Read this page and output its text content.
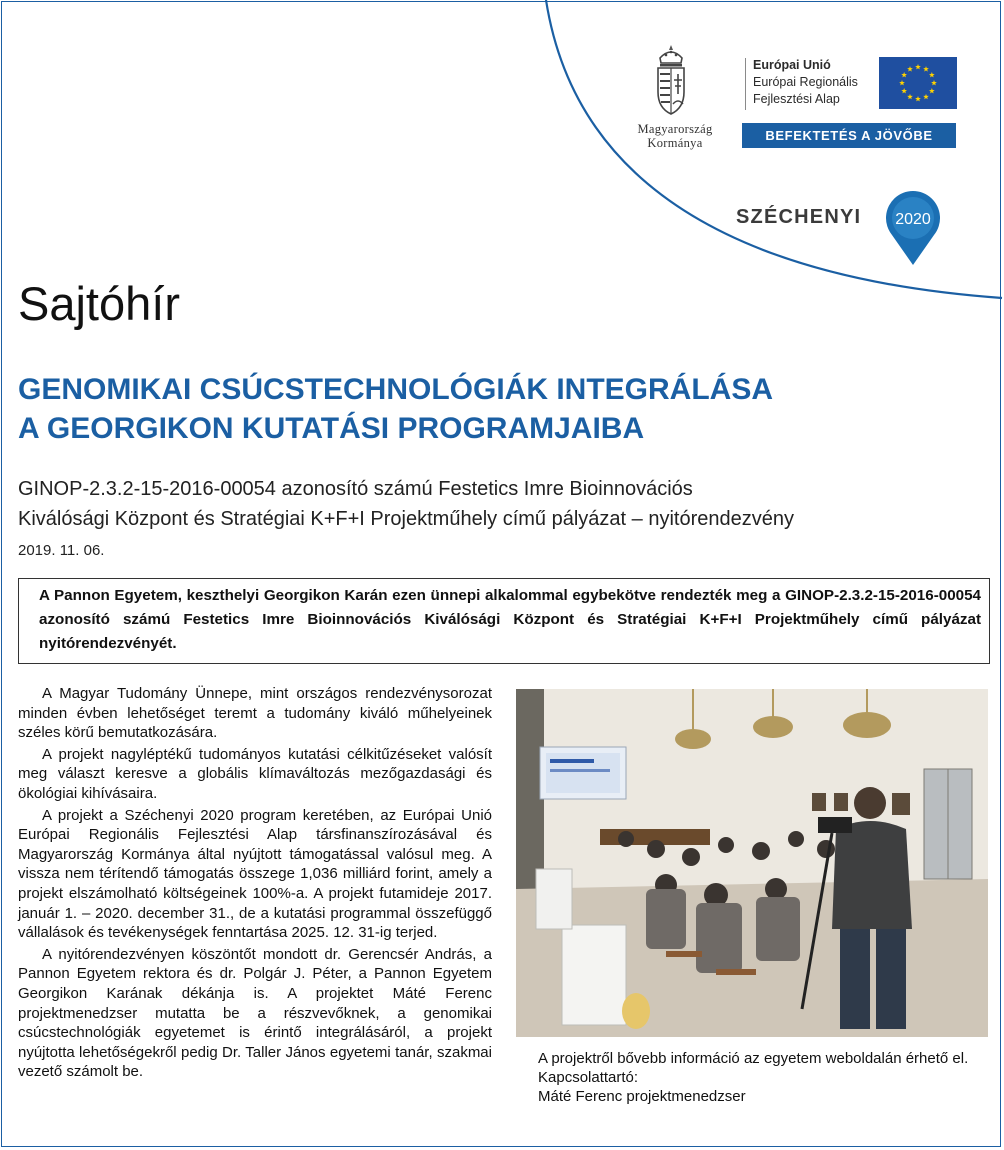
Magyarország
Kormánya
Európai Unió
Európai Regionális
Fejlesztési Alap
BEFEKTETÉS A JÖVŐBE
SZÉCHENYI 2020
Sajtóhír
GENOMIKAI CSÚCSTECHNOLÓGIÁK INTEGRÁLÁSA
A GEORGIKON KUTATÁSI PROGRAMJAIBA
GINOP-2.3.2-15-2016-00054 azonosító számú Festetics Imre Bioinnovációs
Kiválósági Központ és Stratégiai K+F+I Projektműhely című pályázat – nyitórendezvény
2019. 11. 06.
A Pannon Egyetem, keszthelyi Georgikon Karán ezen ünnepi alkalommal egybekötve rendezték meg a GINOP-2.3.2-15-2016-00054 azonosító számú Festetics Imre Bioinnovációs Kiválósági Központ és Stratégiai K+F+I Projektműhely című pályázat nyitórendezvényét.

A Magyar Tudomány Ünnepe, mint országos rendezvénysorozat minden évben lehetőséget teremt a tudomány kiváló műhelyeinek széles körű bemutatkozására.

A projekt nagyléptékű tudományos kutatási célkitűzéseket valósít meg választ keresve a globális klímaváltozás mezőgazdasági és ökológiai kihívásaira.

A projekt a Széchenyi 2020 program keretében, az Európai Unió Európai Regionális Fejlesztési Alap társfinanszírozásával és Magyarország Kormánya által nyújtott támogatással valósul meg. A vissza nem térítendő támogatás összege 1,036 milliárd forint, amely a projekt elszámolható költségeinek 100%-a. A projekt futamideje 2017. január 1. – 2020. december 31., de a kutatási programmal összefüggő vállalások és tevékenységek fenntartása 2025. 12. 31-ig terjed.

A nyitórendezvényen köszöntőt mondott dr. Gerencsér András, a Pannon Egyetem rektora és dr. Polgár J. Péter, a Pannon Egyetem Georgikon Karának dékánja is. A projektet Máté Ferenc projektmenedzser mutatta be a részvevőknek, a genomikai csúcstechnológiák egyetemet is érintő integrálásáról, a projekt nyújtotta lehetőségekről pedig Dr. Taller János egyetemi tanár, szakmai vezető számolt be.

A projektről bővebb információ az egyetem weboldalán érhető el.

Kapcsolattartó:

Máté Ferenc projektmenedzser
